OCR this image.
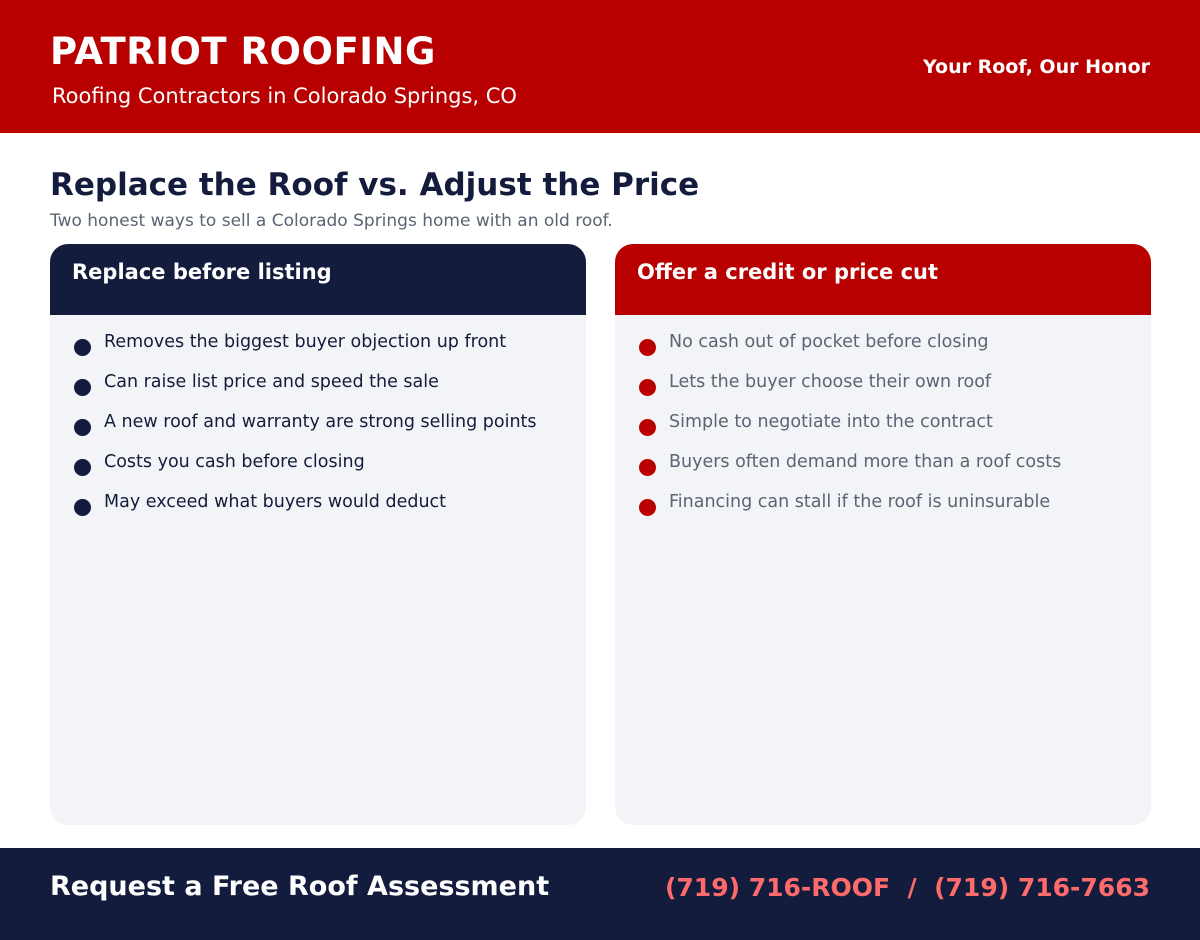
PATRIOT ROOFING
Roofing Contractors in Colorado Springs, CO
Your Roof, Our Honor
Replace the Roof vs. Adjust the Price

Two honest ways to sell a Colorado Springs home with an old roof.

Replace before listing
Removes the biggest buyer objection up front
Can raise list price and speed the sale
A new roof and warranty are strong selling points
Costs you cash before closing
May exceed what buyers would deduct
Offer a credit or price cut
No cash out of pocket before closing
Lets the buyer choose their own roof
Simple to negotiate into the contract
Buyers often demand more than a roof costs
Financing can stall if the roof is uninsurable
Request a Free Roof Assessment	(719) 716-ROOF / (719) 716-7663
